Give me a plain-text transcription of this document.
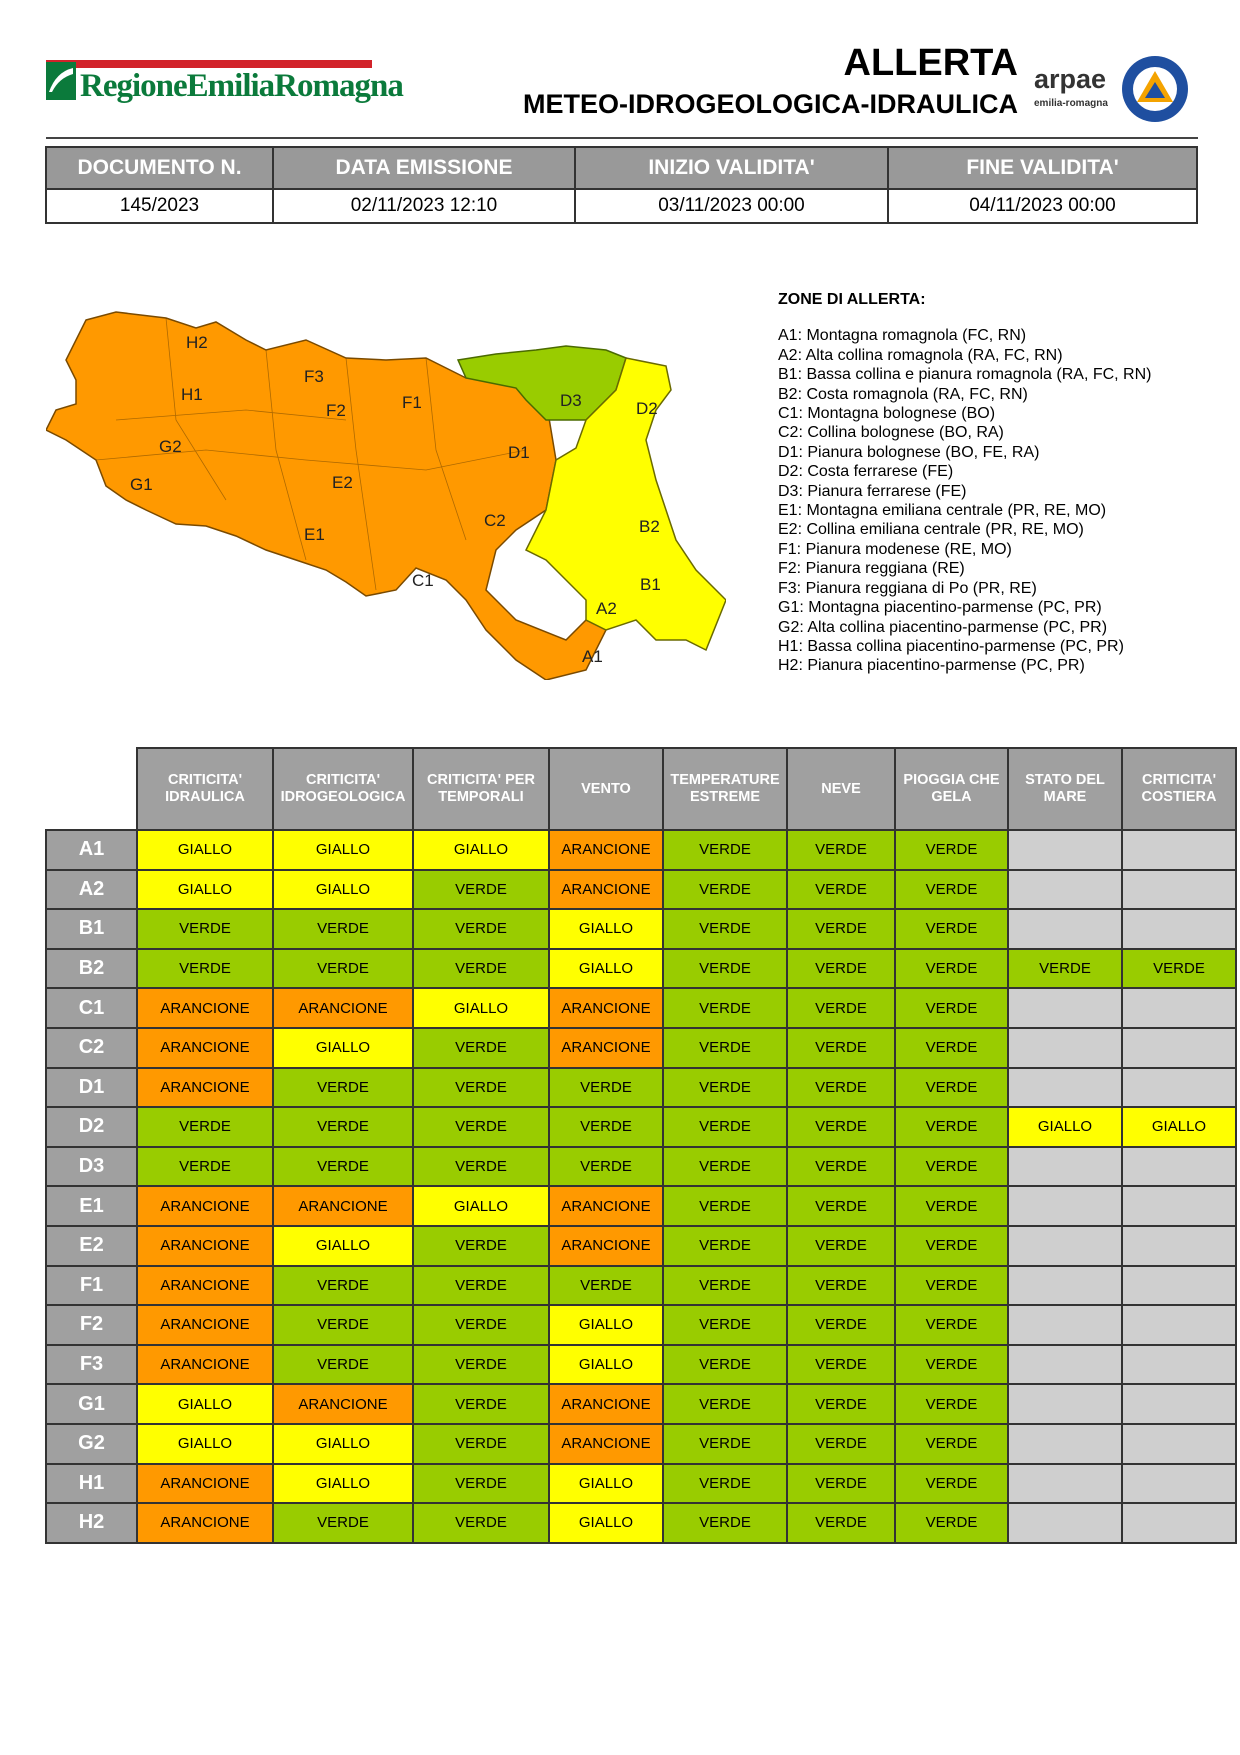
RegioneEmiliaRomagna
ALLERTA
METEO-IDROGEOLOGICA-IDRAULICA
arpae
emilia-romagna
DOCUMENTO N.	DATA EMISSIONE	INIZIO VALIDITA'	FINE VALIDITA'
145/2023	02/11/2023 12:10	03/11/2023 00:00	04/11/2023 00:00
H2
F3
H1
F2	F1	D3	D2
G2	D1
G1	E2
C2
E1	B2
C1	B1
A2
A1
ZONE DI ALLERTA:
A1: Montagna romagnola (FC, RN)
A2: Alta collina romagnola (RA, FC, RN)
B1: Bassa collina e pianura romagnola (RA, FC, RN)
B2: Costa romagnola (RA, FC, RN)
C1: Montagna bolognese (BO)
C2: Collina bolognese (BO, RA)
D1: Pianura bolognese (BO, FE, RA)
D2: Costa ferrarese (FE)
D3: Pianura ferrarese (FE)
E1: Montagna emiliana centrale (PR, RE, MO)
E2: Collina emiliana centrale (PR, RE, MO)
F1: Pianura modenese (RE, MO)
F2: Pianura reggiana (RE)
F3: Pianura reggiana di Po (PR, RE)
G1: Montagna piacentino-parmense (PC, PR)
G2: Alta collina piacentino-parmense (PC, PR)
H1: Bassa collina piacentino-parmense (PC, PR)
H2: Pianura piacentino-parmense (PC, PR)
	CRITICITA' IDRAULICA	CRITICITA' IDROGEOLOGICA	CRITICITA' PER TEMPORALI	VENTO	TEMPERATURE ESTREME	NEVE	PIOGGIA CHE GELA	STATO DEL MARE	CRITICITA' COSTIERA
A1	GIALLO	GIALLO	GIALLO	ARANCIONE	VERDE	VERDE	VERDE		
A2	GIALLO	GIALLO	VERDE	ARANCIONE	VERDE	VERDE	VERDE		
B1	VERDE	VERDE	VERDE	GIALLO	VERDE	VERDE	VERDE		
B2	VERDE	VERDE	VERDE	GIALLO	VERDE	VERDE	VERDE	VERDE	VERDE
C1	ARANCIONE	ARANCIONE	GIALLO	ARANCIONE	VERDE	VERDE	VERDE		
C2	ARANCIONE	GIALLO	VERDE	ARANCIONE	VERDE	VERDE	VERDE		
D1	ARANCIONE	VERDE	VERDE	VERDE	VERDE	VERDE	VERDE		
D2	VERDE	VERDE	VERDE	VERDE	VERDE	VERDE	VERDE	GIALLO	GIALLO
D3	VERDE	VERDE	VERDE	VERDE	VERDE	VERDE	VERDE		
E1	ARANCIONE	ARANCIONE	GIALLO	ARANCIONE	VERDE	VERDE	VERDE		
E2	ARANCIONE	GIALLO	VERDE	ARANCIONE	VERDE	VERDE	VERDE		
F1	ARANCIONE	VERDE	VERDE	VERDE	VERDE	VERDE	VERDE		
F2	ARANCIONE	VERDE	VERDE	GIALLO	VERDE	VERDE	VERDE		
F3	ARANCIONE	VERDE	VERDE	GIALLO	VERDE	VERDE	VERDE		
G1	GIALLO	ARANCIONE	VERDE	ARANCIONE	VERDE	VERDE	VERDE		
G2	GIALLO	GIALLO	VERDE	ARANCIONE	VERDE	VERDE	VERDE		
H1	ARANCIONE	GIALLO	VERDE	GIALLO	VERDE	VERDE	VERDE		
H2	ARANCIONE	VERDE	VERDE	GIALLO	VERDE	VERDE	VERDE		
